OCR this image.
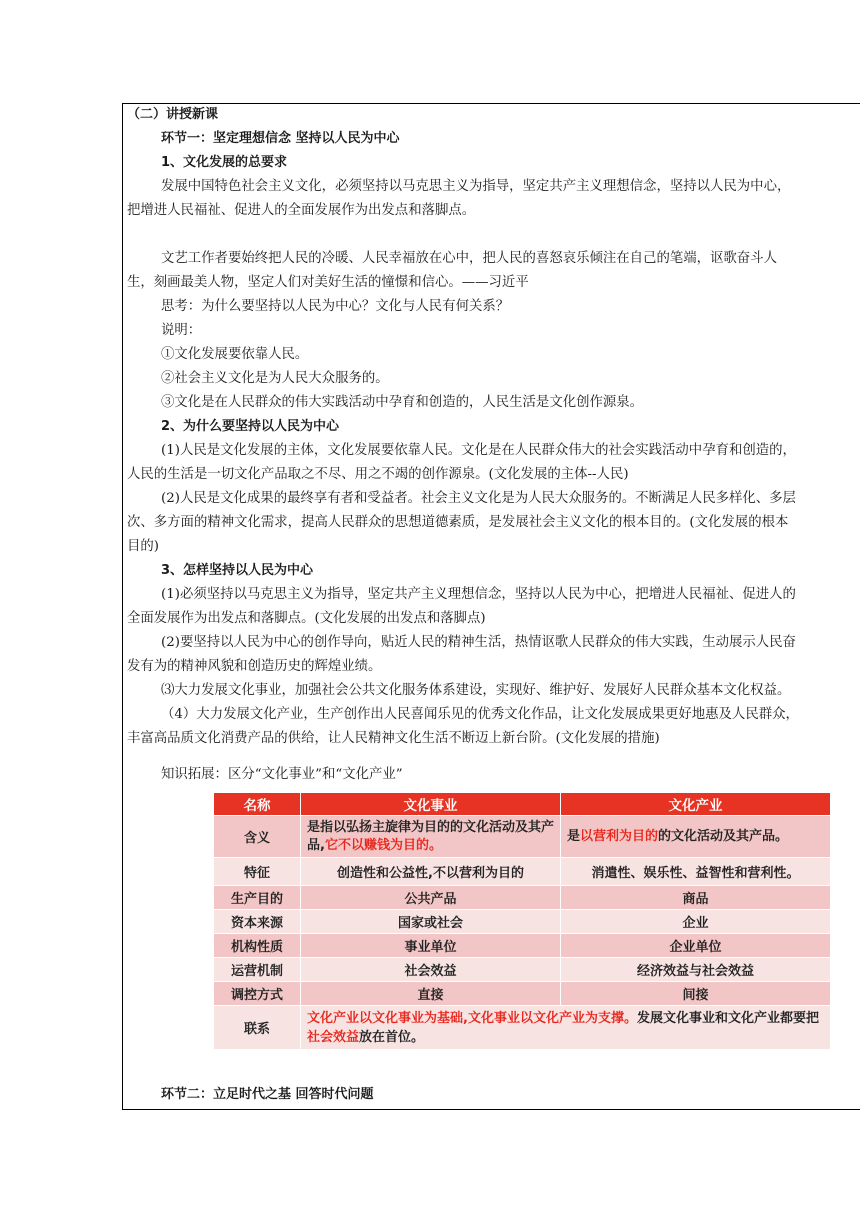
（二）讲授新课
环节一：坚定理想信念 坚持以人民为中心
1、文化发展的总要求
发展中国特色社会主义文化，必须坚持以马克思主义为指导，坚定共产主义理想信念，坚持以人民为中心，
把增进人民福祉、促进人的全面发展作为出发点和落脚点。
文艺工作者要始终把人民的冷暖、人民幸福放在心中，把人民的喜怒哀乐倾注在自己的笔端，讴歌奋斗人
生，刻画最美人物，坚定人们对美好生活的憧憬和信心。——习近平
思考：为什么要坚持以人民为中心？文化与人民有何关系？
说明：
①文化发展要依靠人民。
②社会主义文化是为人民大众服务的。
③文化是在人民群众的伟大实践活动中孕育和创造的，人民生活是文化创作源泉。
2、为什么要坚持以人民为中心
(1)人民是文化发展的主体，文化发展要依靠人民。文化是在人民群众伟大的社会实践活动中孕育和创造的，
人民的生活是一切文化产品取之不尽、用之不竭的创作源泉。(文化发展的主体--人民)
(2)人民是文化成果的最终享有者和受益者。社会主义文化是为人民大众服务的。不断满足人民多样化、多层
次、多方面的精神文化需求，提高人民群众的思想道德素质，是发展社会主义文化的根本目的。(文化发展的根本
目的)
3、怎样坚持以人民为中心
(1)必须坚持以马克思主义为指导，坚定共产主义理想信念，坚持以人民为中心，把增进人民福祉、促进人的
全面发展作为出发点和落脚点。(文化发展的出发点和落脚点)
(2)要坚持以人民为中心的创作导向，贴近人民的精神生活，热情讴歌人民群众的伟大实践，生动展示人民奋
发有为的精神风貌和创造历史的辉煌业绩。
⑶大力发展文化事业，加强社会公共文化服务体系建设，实现好、维护好、发展好人民群众基本文化权益。
（4）大力发展文化产业，生产创作出人民喜闻乐见的优秀文化作品，让文化发展成果更好地惠及人民群众，
丰富高品质文化消费产品的供给，让人民精神文化生活不断迈上新台阶。(文化发展的措施)
知识拓展：区分“文化事业”和“文化产业”
名称	文化事业	文化产业
含义	是指以弘扬主旋律为目的的文化活动及其产品,它不以赚钱为目的。	是以营利为目的的文化活动及其产品。
特征	创造性和公益性,不以营利为目的	消遣性、娱乐性、益智性和营利性。
生产目的	公共产品	商品
资本来源	国家或社会	企业
机构性质	事业单位	企业单位
运营机制	社会效益	经济效益与社会效益
调控方式	直接	间接
联系	文化产业以文化事业为基础,文化事业以文化产业为支撑。发展文化事业和文化产业都要把社会效益放在首位。	
环节二：立足时代之基 回答时代问题
